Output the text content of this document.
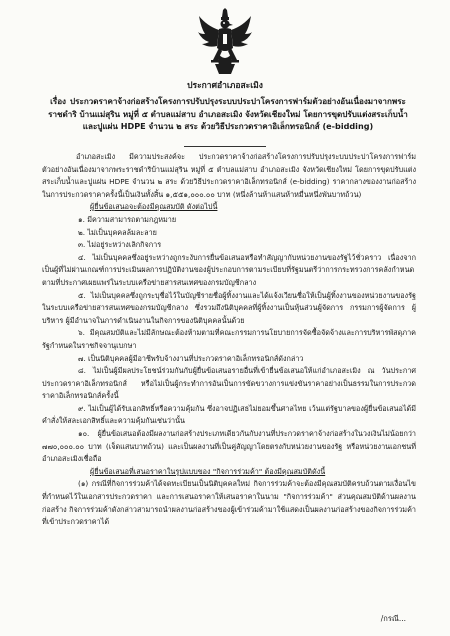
ประกาศอำเภอสะเมิง
เรื่อง ประกวดราคาจ้างก่อสร้างโครงการปรับปรุงระบบประปาโครงการฟาร์มตัวอย่างอันเนื่องมาจากพระราชดำริ บ้านแม่สุริน หมู่ที่ ๕ ตำบลแม่สาบ อำเภอสะเมิง จังหวัดเชียงใหม่ โดยการขุดปรับแต่งสระเก็บน้ำ และปูแผ่น HDPE จำนวน ๒ สระ ด้วยวิธีประกวดราคาอิเล็กทรอนิกส์ (e-bidding)

อำเภอสะเมิง มีความประสงค์จะ ประกวดราคาจ้างก่อสร้างโครงการปรับปรุงระบบประปาโครงการฟาร์มตัวอย่างอันเนื่องมาจากพระราชดำริบ้านแม่สุริน หมู่ที่ ๕ ตำบลแม่สาบ อำเภอสะเมิง จังหวัดเชียงใหม่ โดยการขุดปรับแต่งสระเก็บน้ำและปูแผ่น HDPE จำนวน ๒ สระ ด้วยวิธีประกวดราคาอิเล็กทรอนิกส์ (e-bidding) ราคากลางของงานก่อสร้างในการประกวดราคาครั้งนี้เป็นเงินทั้งสิ้น ๑,๕๕๑,๐๐๐.๐๐ บาท (หนึ่งล้านห้าแสนห้าหมื่นหนึ่งพันบาทถ้วน)

ผู้ยื่นข้อเสนอจะต้องมีคุณสมบัติ ดังต่อไปนี้

๑. มีความสามารถตามกฎหมาย

๒. ไม่เป็นบุคคลล้มละลาย

๓. ไม่อยู่ระหว่างเลิกกิจการ

๔. ไม่เป็นบุคคลซึ่งอยู่ระหว่างถูกระงับการยื่นข้อเสนอหรือทำสัญญากับหน่วยงานของรัฐไว้ชั่วคราว เนื่องจากเป็นผู้ที่ไม่ผ่านเกณฑ์การประเมินผลการปฏิบัติงานของผู้ประกอบการตามระเบียบที่รัฐมนตรีว่าการกระทรวงการคลังกำหนดตามที่ประกาศเผยแพร่ในระบบเครือข่ายสารสนเทศของกรมบัญชีกลาง

๕. ไม่เป็นบุคคลซึ่งถูกระบุชื่อไว้ในบัญชีรายชื่อผู้ทิ้งงานและได้แจ้งเวียนชื่อให้เป็นผู้ทิ้งงานของหน่วยงานของรัฐในระบบเครือข่ายสารสนเทศของกรมบัญชีกลาง ซึ่งรวมถึงนิติบุคคลที่ผู้ทิ้งงานเป็นหุ้นส่วนผู้จัดการ กรรมการผู้จัดการ ผู้บริหาร ผู้มีอำนาจในการดำเนินงานในกิจการของนิติบุคคลนั้นด้วย

๖. มีคุณสมบัติและไม่มีลักษณะต้องห้ามตามที่คณะกรรมการนโยบายการจัดซื้อจัดจ้างและการบริหารพัสดุภาครัฐกำหนดในราชกิจจานุเบกษา

๗. เป็นนิติบุคคลผู้มีอาชีพรับจ้างงานที่ประกวดราคาอิเล็กทรอนิกส์ดังกล่าว

๘. ไม่เป็นผู้มีผลประโยชน์ร่วมกันกับผู้ยื่นข้อเสนอรายอื่นที่เข้ายื่นข้อเสนอให้แก่อำเภอสะเมิง ณ วันประกาศประกวดราคาอิเล็กทรอนิกส์ หรือไม่เป็นผู้กระทำการอันเป็นการขัดขวางการแข่งขันราคาอย่างเป็นธรรมในการประกวดราคาอิเล็กทรอนิกส์ครั้งนี้

๙. ไม่เป็นผู้ได้รับเอกสิทธิ์หรือความคุ้มกัน ซึ่งอาจปฏิเสธไม่ยอมขึ้นศาลไทย เว้นแต่รัฐบาลของผู้ยื่นข้อเสนอได้มีคำสั่งให้สละเอกสิทธิ์และความคุ้มกันเช่นว่านั้น

๑๐. ผู้ยื่นข้อเสนอต้องมีผลงานก่อสร้างประเภทเดียวกันกับงานที่ประกวดราคาจ้างก่อสร้างในวงเงินไม่น้อยกว่า ๗๗๐,๐๐๐.๐๐ บาท (เจ็ดแสนบาทถ้วน) และเป็นผลงานที่เป็นคู่สัญญาโดยตรงกับหน่วยงานของรัฐ หรือหน่วยงานเอกชนที่อำเภอสะเมิงเชื่อถือ

ผู้ยื่นข้อเสนอที่เสนอราคาในรูปแบบของ "กิจการร่วมค้า" ต้องมีคุณสมบัติดังนี้

(๑) กรณีที่กิจการร่วมค้าได้จดทะเบียนเป็นนิติบุคคลใหม่ กิจการร่วมค้าจะต้องมีคุณสมบัติครบถ้วนตามเงื่อนไขที่กำหนดไว้ในเอกสารประกวดราคา และการเสนอราคาให้เสนอราคาในนาม "กิจการร่วมค้า" ส่วนคุณสมบัติด้านผลงานก่อสร้าง กิจการร่วมค้าดังกล่าวสามารถนำผลงานก่อสร้างของผู้เข้าร่วมค้ามาใช้แสดงเป็นผลงานก่อสร้างของกิจการร่วมค้าที่เข้าประกวดราคาได้

/กรณี...
